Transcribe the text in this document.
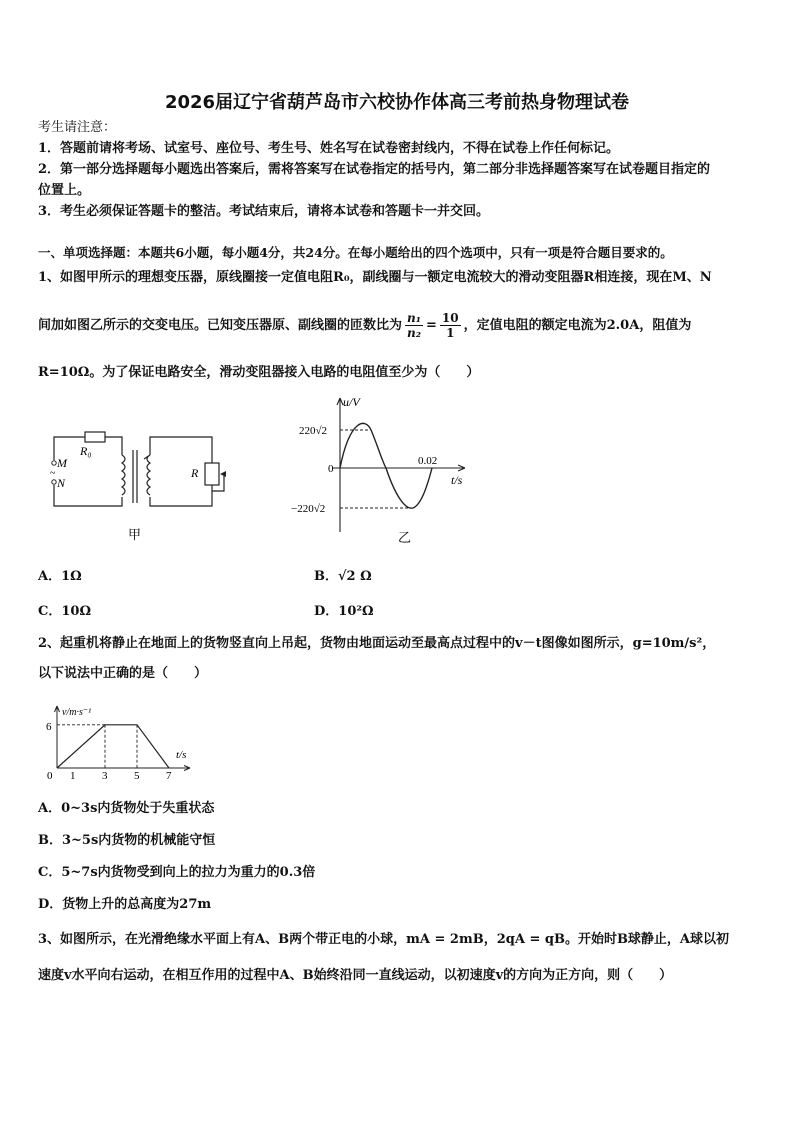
2026届辽宁省葫芦岛市六校协作体高三考前热身物理试卷
考生请注意：
1．答题前请将考场、试室号、座位号、考生号、姓名写在试卷密封线内，不得在试卷上作任何标记。
2．第一部分选择题每小题选出答案后，需将答案写在试卷指定的括号内，第二部分非选择题答案写在试卷题目指定的
位置上。
3．考生必须保证答题卡的整洁。考试结束后，请将本试卷和答题卡一并交回。
一、单项选择题：本题共6小题，每小题4分，共24分。在每小题给出的四个选项中，只有一项是符合题目要求的。
1、如图甲所示的理想变压器，原线圈接一定值电阻R₀，副线圈与一额定电流较大的滑动变阻器R相连接，现在M、N
间加如图乙所示的交变电压。已知变压器原、副线圈的匝数比为 $\frac{\text{n₁}}{\text{n₂}} = \frac{10}{1}$ ，定值电阻的额定电流为2.0A，阻值为
R=10Ω。为了保证电路安全，滑动变阻器接入电路的电阻值至少为（　　）
~
M
N
R₀
R
甲
u/V
220√2
0
−220√2
0.02
t/s
乙
A．1Ω	B．√2 Ω
C．10Ω	D．10²Ω
2、起重机将静止在地面上的货物竖直向上吊起，货物由地面运动至最高点过程中的v－t图像如图所示，g=10m/s²，
以下说法中正确的是（　　）
v/m·s⁻¹
t/s
6
0 1 3 5 7
A．0~3s内货物处于失重状态
B．3~5s内货物的机械能守恒
C．5~7s内货物受到向上的拉力为重力的0.3倍
D．货物上升的总高度为27m
3、如图所示，在光滑绝缘水平面上有A、B两个带正电的小球，mA = 2mB，2qA = qB。开始时B球静止，A球以初
速度v水平向右运动，在相互作用的过程中A、B始终沿同一直线运动，以初速度v的方向为正方向，则（　　）
